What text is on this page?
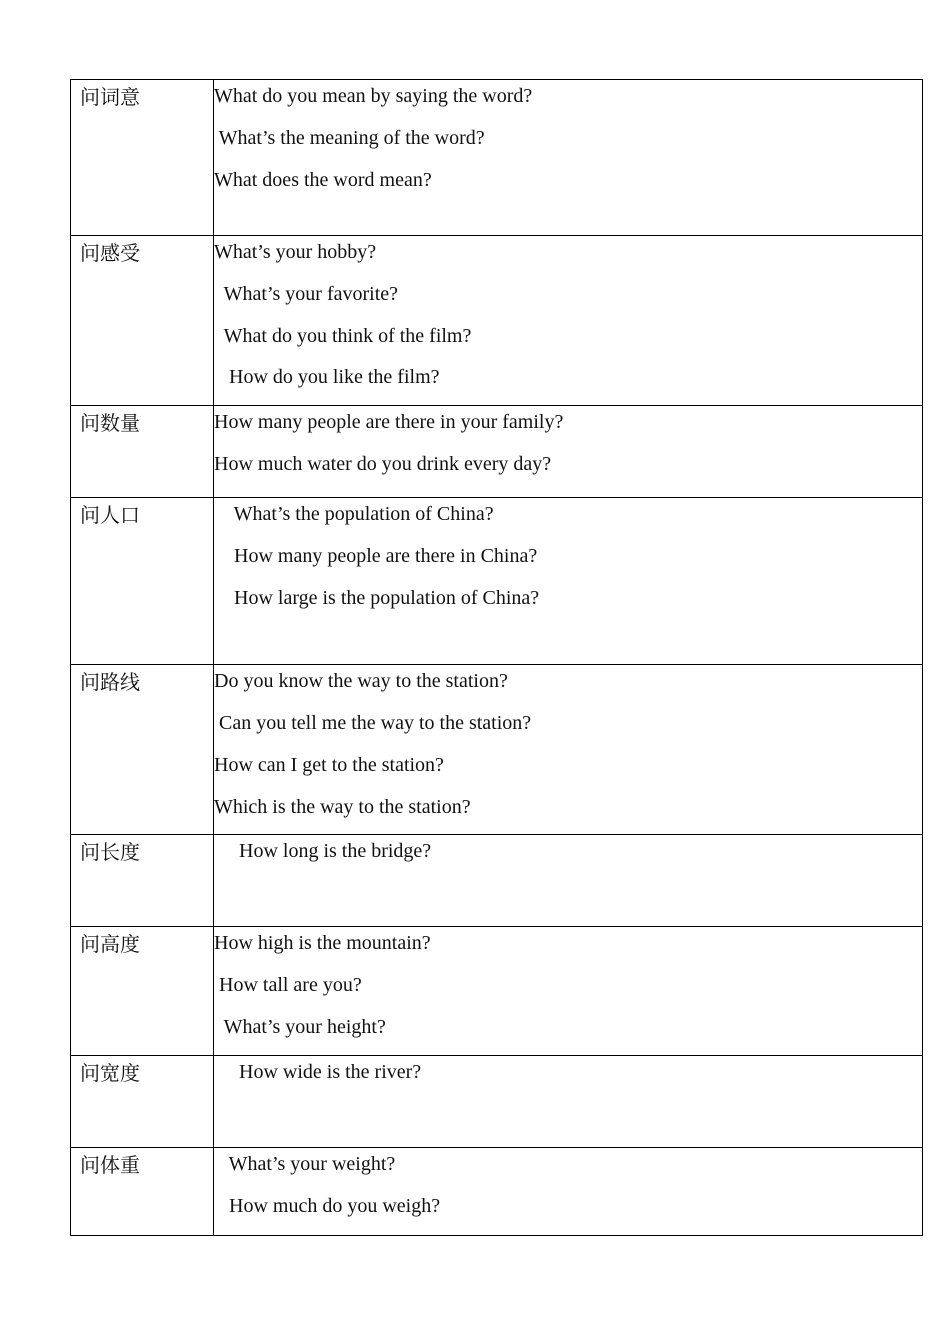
问词意	What do you mean by saying the word?
What’s the meaning of the word?
What does the word mean?

问感受	What’s your hobby?
What’s your favorite?
What do you think of the film?
How do you like the film?

问数量	How many people are there in your family?
How much water do you drink every day?

问人口	What’s the population of China?
How many people are there in China?
How large is the population of China?

问路线	Do you know the way to the station?
Can you tell me the way to the station?
How can I get to the station?
Which is the way to the station?

问长度	How long is the bridge?

问高度	How high is the mountain?
How tall are you?
What’s your height?

问宽度	How wide is the river?

问体重	What’s your weight?
How much do you weigh?
